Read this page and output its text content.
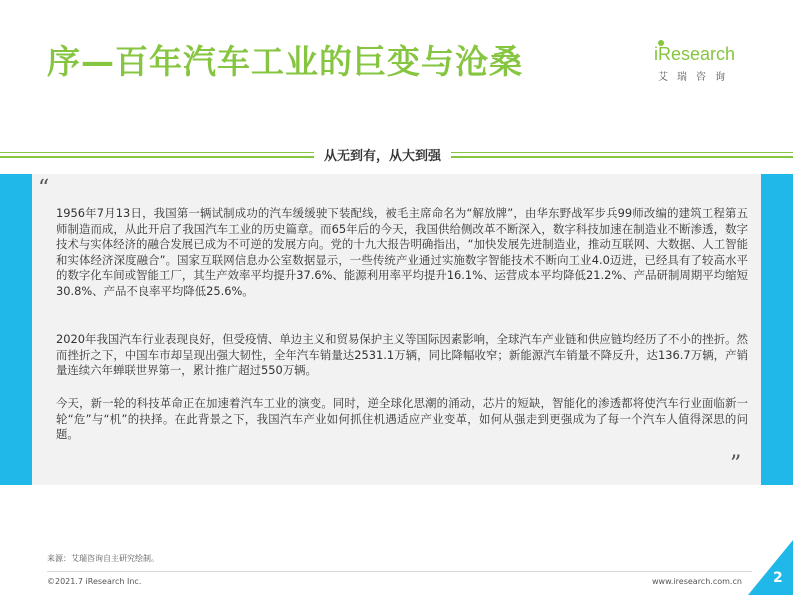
序—百年汽车工业的巨变与沧桑	iResearch
艾瑞咨询
从无到有，从大到强
“
1956年7月13日，我国第一辆试制成功的汽车缓缓驶下装配线，被毛主席命名为“解放牌”，由华东野战军步兵99师改编的建筑工程第五师制造而成，从此开启了我国汽车工业的历史篇章。而65年后的今天，我国供给侧改革不断深入，数字科技加速在制造业不断渗透，数字技术与实体经济的融合发展已成为不可逆的发展方向。党的十九大报告明确指出，“加快发展先进制造业，推动互联网、大数据、人工智能和实体经济深度融合”。国家互联网信息办公室数据显示，一些传统产业通过实施数字智能技术不断向工业4.0迈进，已经具有了较高水平的数字化车间或智能工厂，其生产效率平均提升37.6%、能源利用率平均提升16.1%、运营成本平均降低21.2%、产品研制周期平均缩短30.8%、产品不良率平均降低25.6%。
2020年我国汽车行业表现良好，但受疫情、单边主义和贸易保护主义等国际因素影响，全球汽车产业链和供应链均经历了不小的挫折。然而挫折之下，中国车市却呈现出强大韧性，全年汽车销量达2531.1万辆，同比降幅收窄；新能源汽车销量不降反升，达136.7万辆，产销量连续六年蝉联世界第一，累计推广超过550万辆。
今天，新一轮的科技革命正在加速着汽车工业的演变。同时，逆全球化思潮的涌动，芯片的短缺，智能化的渗透都将使汽车行业面临新一轮“危”与“机”的抉择。在此背景之下，我国汽车产业如何抓住机遇适应产业变革，如何从强走到更强成为了每一个汽车人值得深思的问题。
”
来源：艾瑞咨询自主研究绘制。
©2021.7 iResearch Inc.	www.iresearch.com.cn 2
